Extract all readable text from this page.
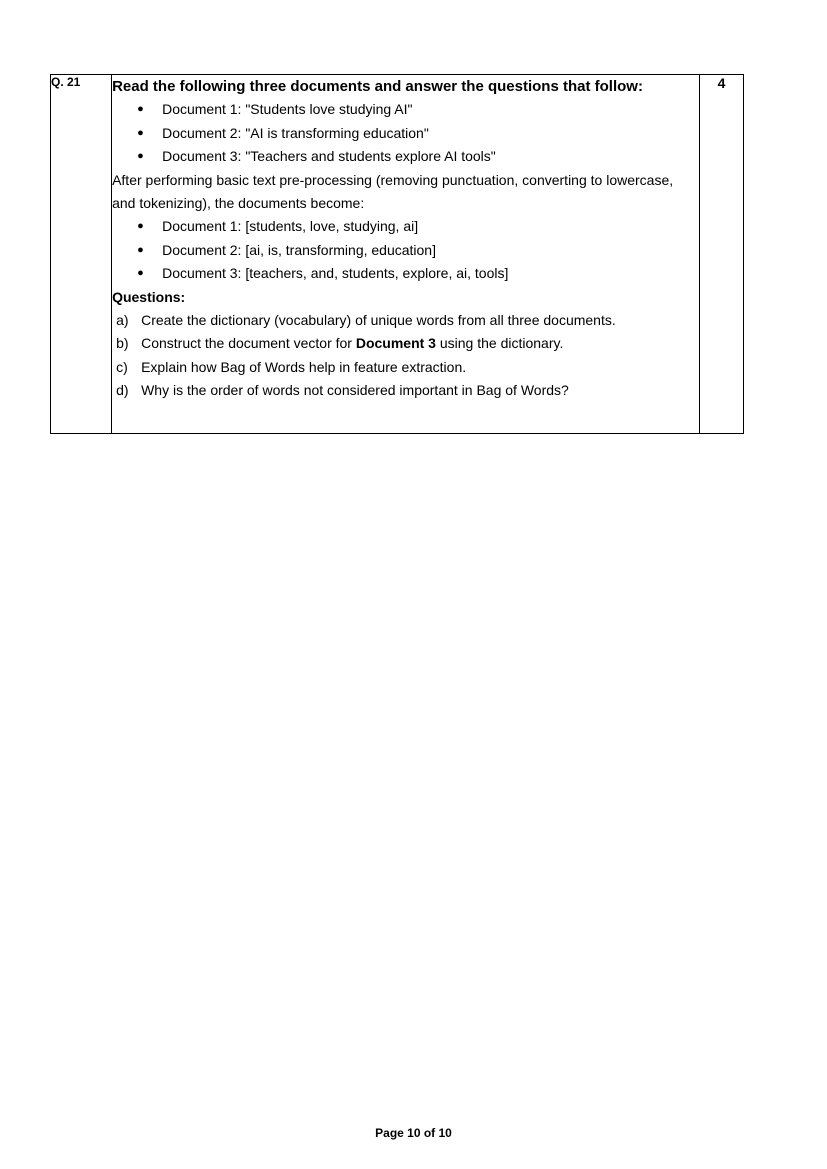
Q. 21	Read the following three documents and answer the questions that follow:

● Document 1: "Students love studying AI"
● Document 2: "AI is transforming education"
● Document 3: "Teachers and students explore AI tools"

After performing basic text pre-processing (removing punctuation, converting to lowercase, and tokenizing), the documents become:

● Document 1: [students, love, studying, ai]
● Document 2: [ai, is, transforming, education]
● Document 3: [teachers, and, students, explore, ai, tools]

Questions:

a) Create the dictionary (vocabulary) of unique words from all three documents.
b) Construct the document vector for Document 3 using the dictionary.
c) Explain how Bag of Words help in feature extraction.
d) Why is the order of words not considered important in Bag of Words?
	4
Page 10 of 10
